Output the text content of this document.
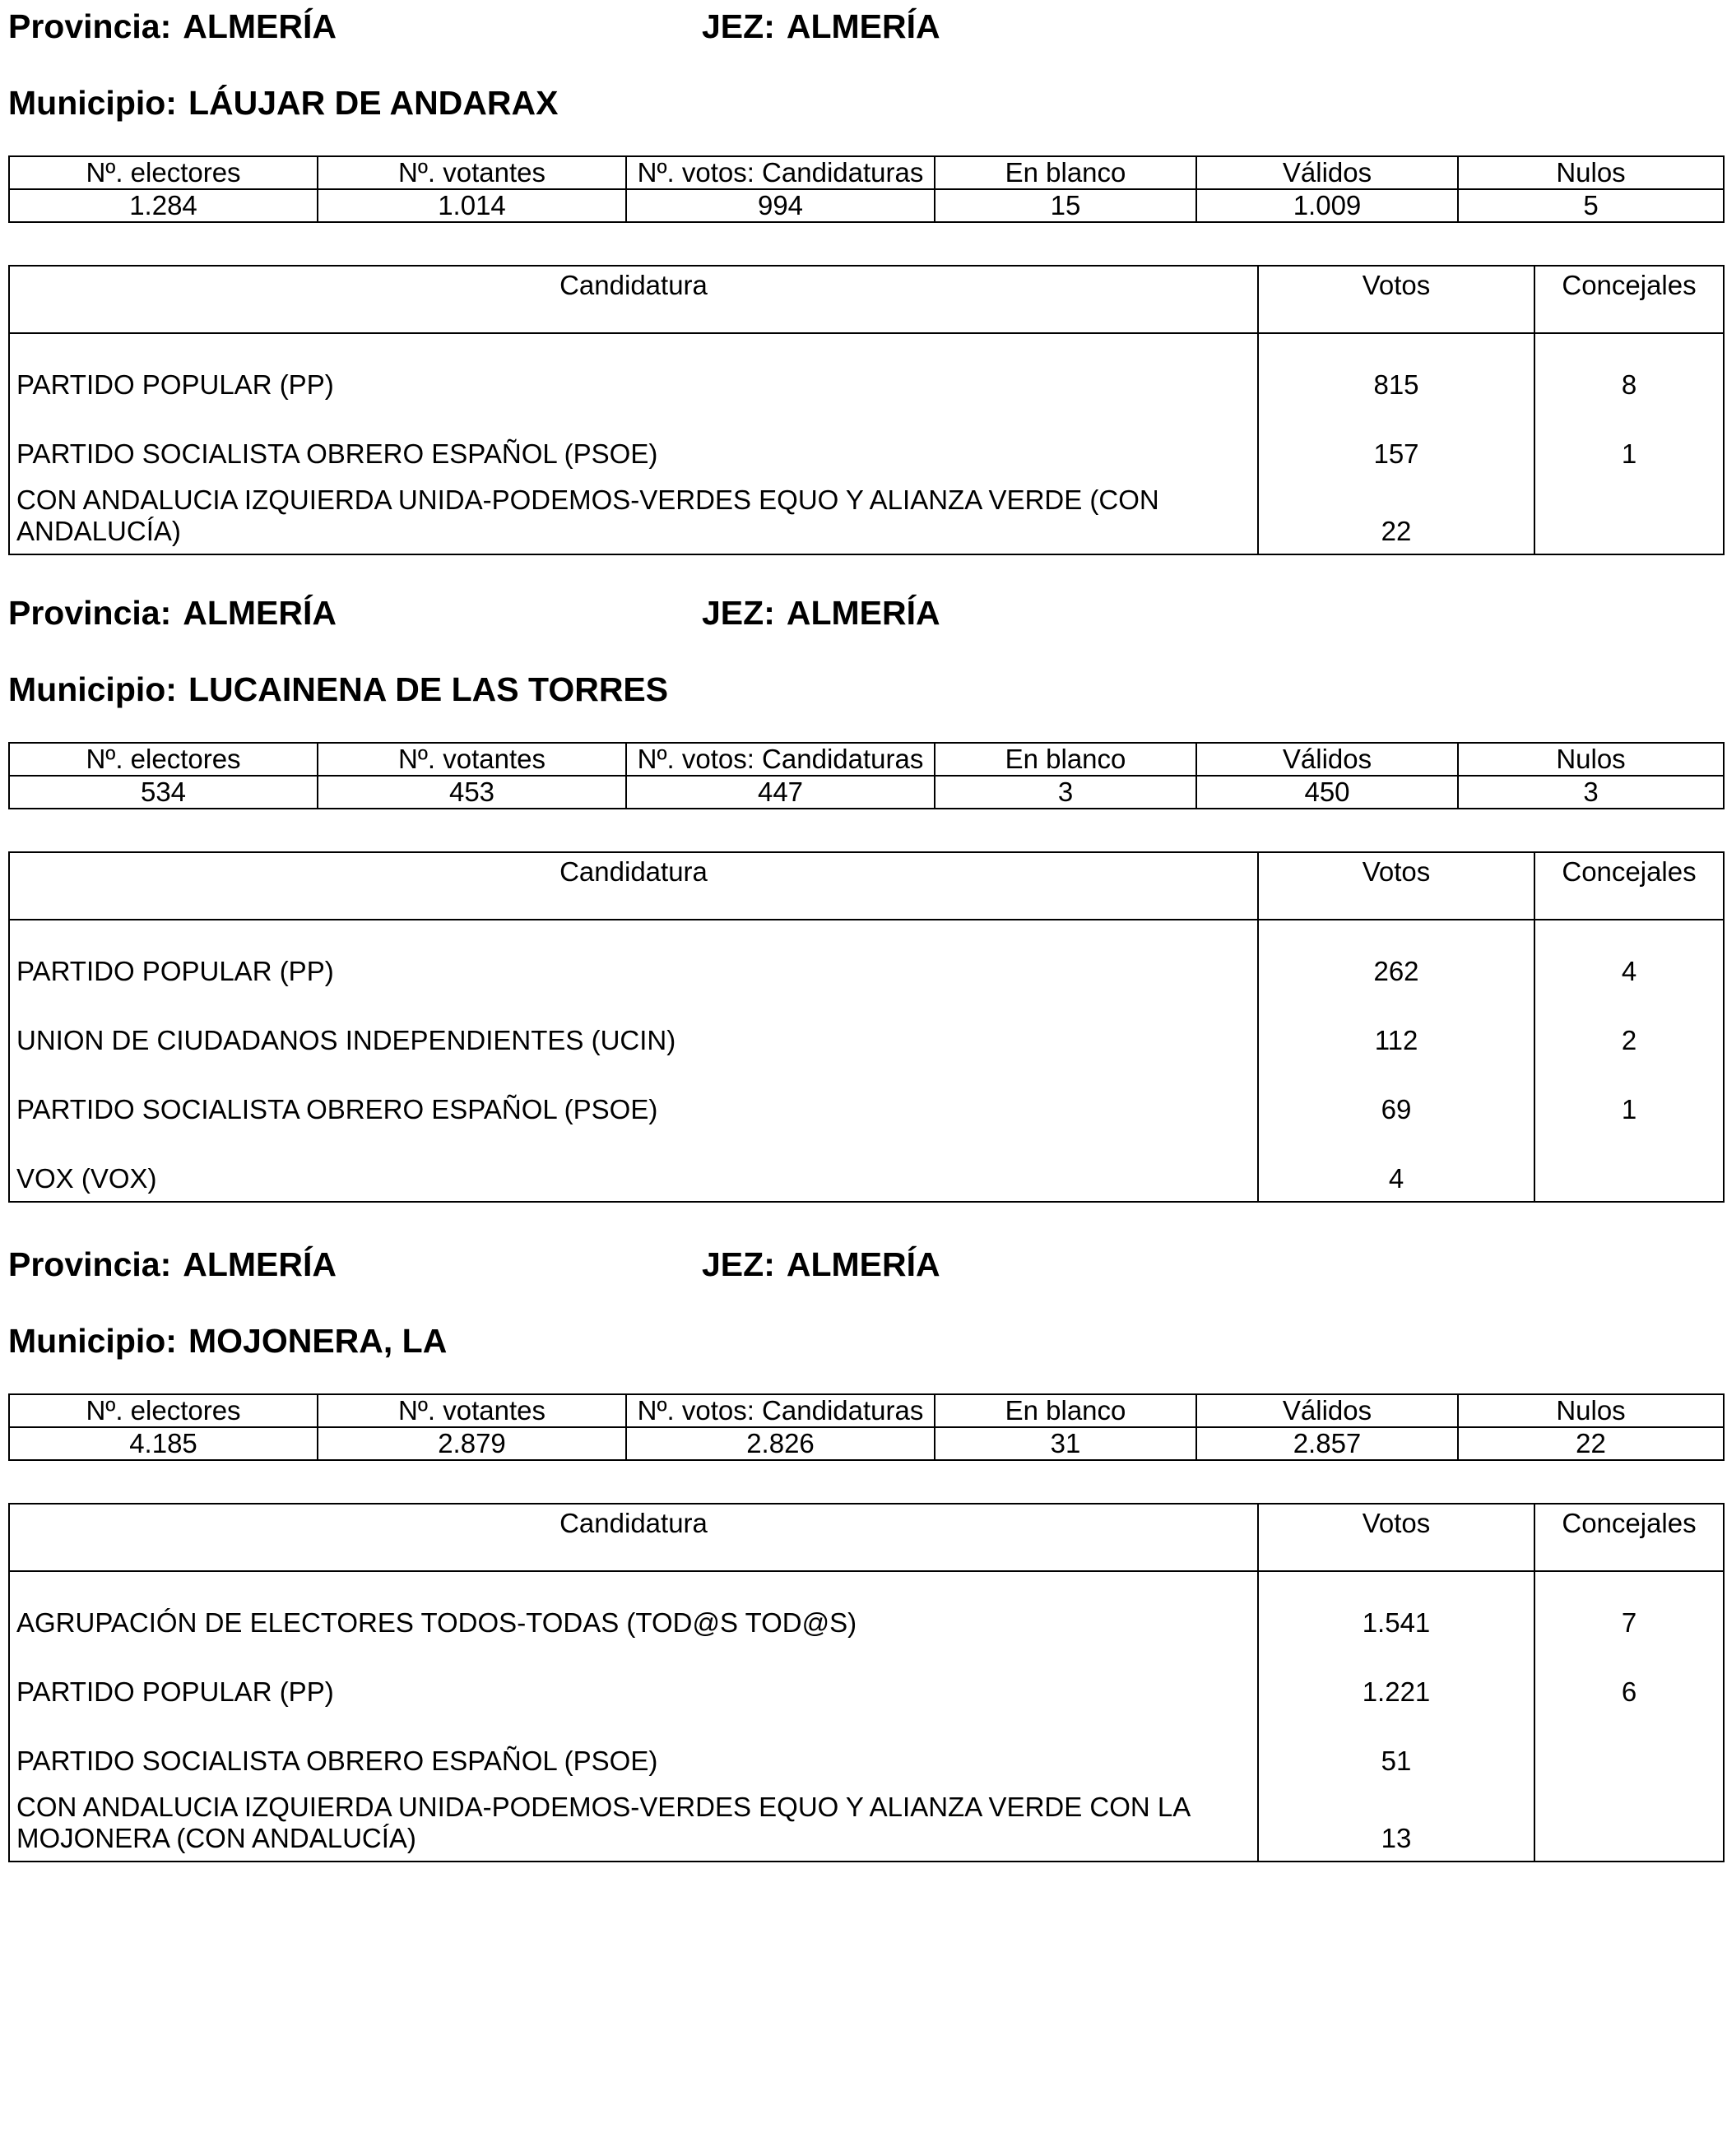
Provincia: ALMERÍA	JEZ: ALMERÍA
Municipio: LÁUJAR DE ANDARAX
Nº. electores	Nº. votantes	Nº. votos: Candidaturas	En blanco	Válidos	Nulos
1.284	1.014	994	15	1.009	5
Candidatura	Votos	Concejales
PARTIDO POPULAR (PP)	815	8
PARTIDO SOCIALISTA OBRERO ESPAÑOL (PSOE)	157	1
CON ANDALUCIA IZQUIERDA UNIDA-PODEMOS-VERDES EQUO Y ALIANZA VERDE (CON ANDALUCÍA)	22	
Provincia: ALMERÍA	JEZ: ALMERÍA
Municipio: LUCAINENA DE LAS TORRES
Nº. electores	Nº. votantes	Nº. votos: Candidaturas	En blanco	Válidos	Nulos
534	453	447	3	450	3
Candidatura	Votos	Concejales
PARTIDO POPULAR (PP)	262	4
UNION DE CIUDADANOS INDEPENDIENTES (UCIN)	112	2
PARTIDO SOCIALISTA OBRERO ESPAÑOL (PSOE)	69	1
VOX (VOX)	4	
Provincia: ALMERÍA	JEZ: ALMERÍA
Municipio: MOJONERA, LA
Nº. electores	Nº. votantes	Nº. votos: Candidaturas	En blanco	Válidos	Nulos
4.185	2.879	2.826	31	2.857	22
Candidatura	Votos	Concejales
AGRUPACIÓN DE ELECTORES TODOS-TODAS (TOD@S TOD@S)	1.541	7
PARTIDO POPULAR (PP)	1.221	6
PARTIDO SOCIALISTA OBRERO ESPAÑOL (PSOE)	51	
CON ANDALUCIA IZQUIERDA UNIDA-PODEMOS-VERDES EQUO Y ALIANZA VERDE CON LA MOJONERA (CON ANDALUCÍA)	13	
